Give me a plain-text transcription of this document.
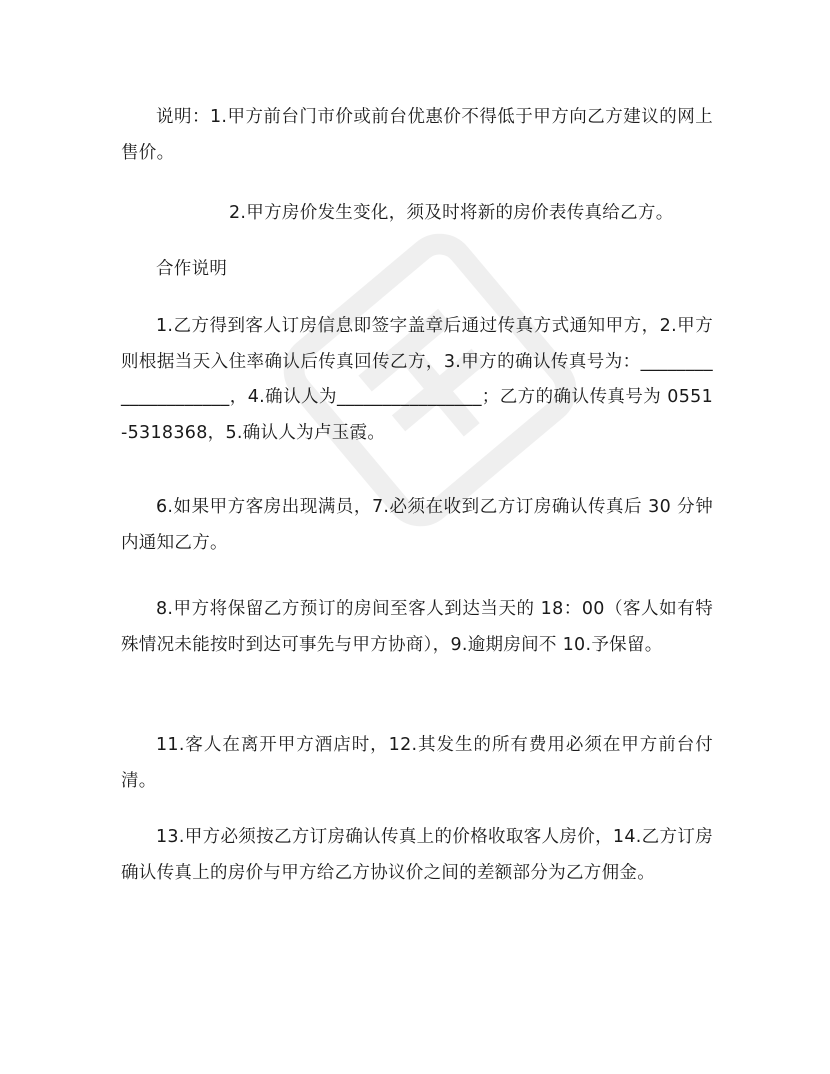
说明：1.甲方前台门市价或前台优惠价不得低于甲方向乙方建议的网上售价。

2.甲方房价发生变化，须及时将新的房价表传真给乙方。

合作说明

1.乙方得到客人订房信息即签字盖章后通过传真方式通知甲方，2.甲方则根据当天入住率确认后传真回传乙方，3.甲方的确认传真号为：____________________，4.确认人为________________；乙方的确认传真号为 0551-5318368，5.确认人为卢玉霞。

6.如果甲方客房出现满员，7.必须在收到乙方订房确认传真后 30 分钟内通知乙方。

8.甲方将保留乙方预订的房间至客人到达当天的 18：00（客人如有特殊情况未能按时到达可事先与甲方协商），9.逾期房间不 10.予保留。

11.客人在离开甲方酒店时，12.其发生的所有费用必须在甲方前台付清。

13.甲方必须按乙方订房确认传真上的价格收取客人房价，14.乙方订房确认传真上的房价与甲方给乙方协议价之间的差额部分为乙方佣金。
